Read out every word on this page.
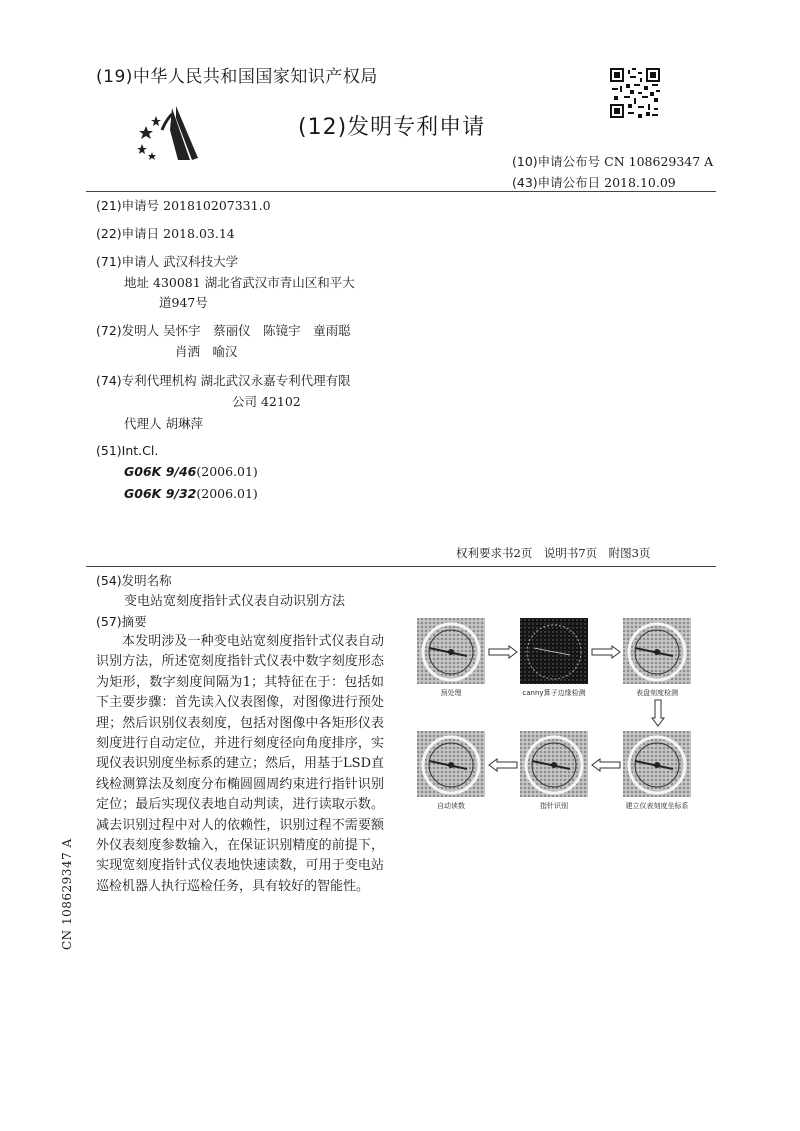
(19)中华人民共和国国家知识产权局
(12)发明专利申请
(10)申请公布号 CN 108629347 A
(43)申请公布日 2018.10.09
(21)申请号 201810207331.0
(22)申请日 2018.03.14
(71)申请人 武汉科技大学
地址 430081 湖北省武汉市青山区和平大
道947号
(72)发明人 吴怀宇　蔡丽仪　陈镜宇　童雨聪
肖洒　喻汉
(74)专利代理机构 湖北武汉永嘉专利代理有限
公司 42102
代理人 胡琳萍
(51)Int.Cl.
G06K 9/46(2006.01)
G06K 9/32(2006.01)
权利要求书2页　说明书7页　附图3页
(54)发明名称
变电站宽刻度指针式仪表自动识别方法
(57)摘要
本发明涉及一种变电站宽刻度指针式仪表自动识别方法，所述宽刻度指针式仪表中数字刻度形态为矩形，数字刻度间隔为1；其特征在于：包括如下主要步骤：首先读入仪表图像，对图像进行预处理；然后识别仪表刻度，包括对图像中各矩形仪表刻度进行自动定位，并进行刻度径向角度排序，实现仪表识别度坐标系的建立；然后，用基于LSD直线检测算法及刻度分布椭圆圆周约束进行指针识别定位；最后实现仪表地自动判读，进行读取示数。减去识别过程中对人的依赖性，识别过程不需要额外仪表刻度参数输入，在保证识别精度的前提下，实现宽刻度指针式仪表地快速读数，可用于变电站巡检机器人执行巡检任务，具有较好的智能性。
预处理	canny算子边缘检测	表盘刻度检测
建立仪表刻度坐标系
指针识别
自动读数
CN 108629347 A
